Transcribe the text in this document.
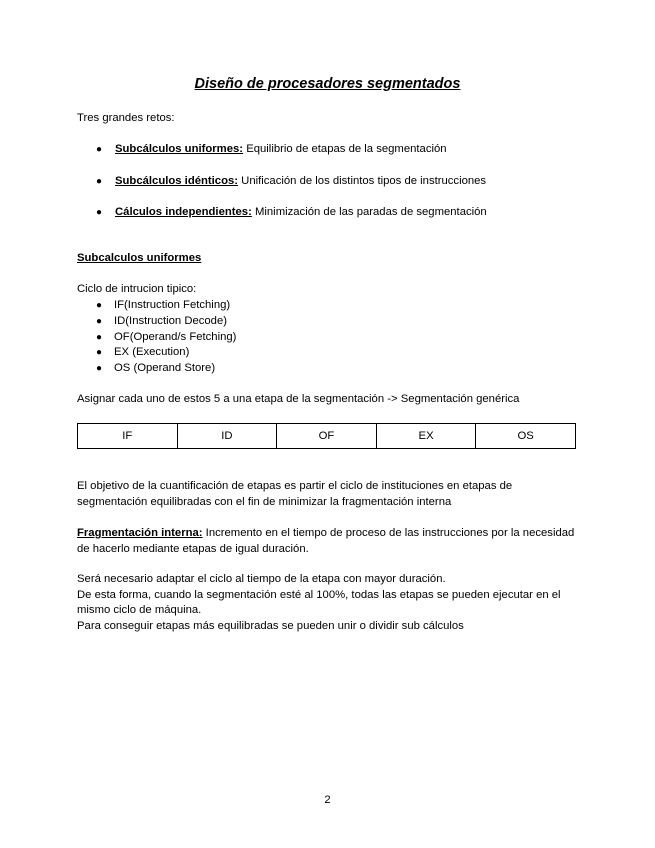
Diseño de procesadores segmentados
Tres grandes retos:
● Subcálculos uniformes: Equilibrio de etapas de la segmentación
● Subcálculos idénticos: Unificación de los distintos tipos de instrucciones
● Cálculos independientes: Minimización de las paradas de segmentación
Subcalculos uniformes
Ciclo de intrucion tipico:
● IF(Instruction Fetching)
● ID(Instruction Decode)
● OF(Operand/s Fetching)
● EX (Execution)
● OS (Operand Store)
Asignar cada uno de estos 5 a una etapa de la segmentación -> Segmentación genérica
IF	ID	OF	EX	OS
El objetivo de la cuantificación de etapas es partir el ciclo de instituciones en etapas de segmentación equilibradas con el fin de minimizar la fragmentación interna
Fragmentación interna: Incremento en el tiempo de proceso de las instrucciones por la necesidad de hacerlo mediante etapas de igual duración.
Será necesario adaptar el ciclo al tiempo de la etapa con mayor duración.
De esta forma, cuando la segmentación esté al 100%, todas las etapas se pueden ejecutar en el mismo ciclo de máquina.
Para conseguir etapas más equilibradas se pueden unir o dividir sub cálculos
2
